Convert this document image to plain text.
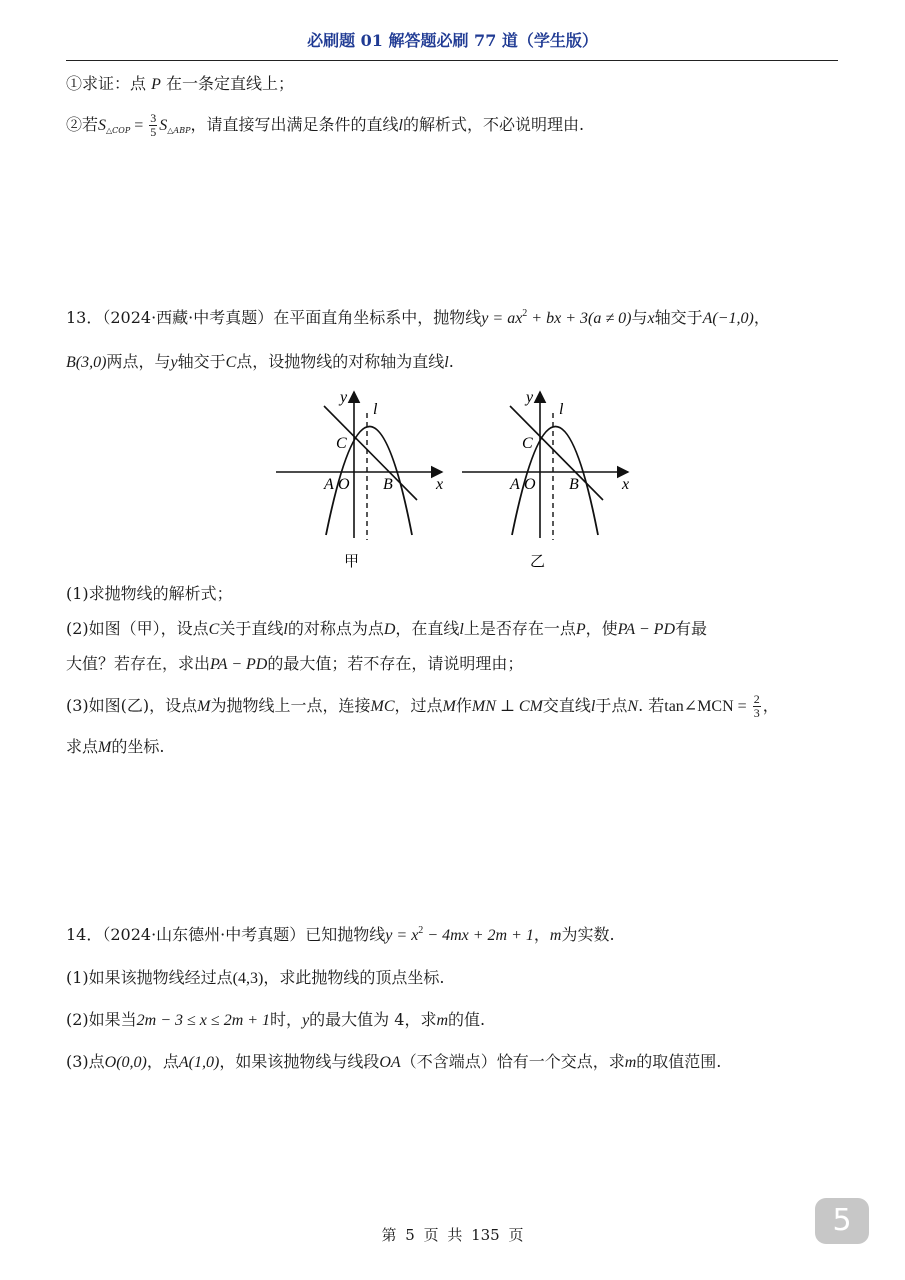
必刷题 01 解答题必刷 77 道（学生版）
①求证：点 P 在一条定直线上；
②若$S_{\triangle COP} = \frac{3}{5} S_{\triangle ABP}$，请直接写出满足条件的直线l的解析式，不必说明理由.
13．（2024·西藏·中考真题）在平面直角坐标系中，抛物线$y = ax^2$ + bx + 3(a ≠ 0)与x轴交于A(−1,0)，
B(3,0)两点，与y轴交于C点，设抛物线的对称轴为直线l.
y
l
C
A O B	x
甲
y
l
C
A O B	x
乙
(1)求抛物线的解析式；
(2)如图（甲），设点C关于直线l的对称点为点D，在直线l上是否存在一点P，使PA − PD有最
大值？若存在，求出PA − PD的最大值；若不存在，请说明理由；
(3)如图(乙)，设点M为抛物线上一点，连接MC，过点M作MN ⊥ CM交直线l于点N. 若tan∠MCN = $\frac{2}{3}$ ，
求点M的坐标.
14．（2024·山东德州·中考真题）已知抛物线$y = x^2 - 4mx + 2m + 1$，m为实数.
(1)如果该抛物线经过点(4,3)，求此抛物线的顶点坐标.
(2)如果当2m − 3 ≤ x ≤ 2m + 1时，y的最大值为 4，求m的值.
(3)点O(0,0)，点A(1,0)，如果该抛物线与线段OA（不含端点）恰有一个交点，求m的取值范围.
第 5 页 共 135 页	5
